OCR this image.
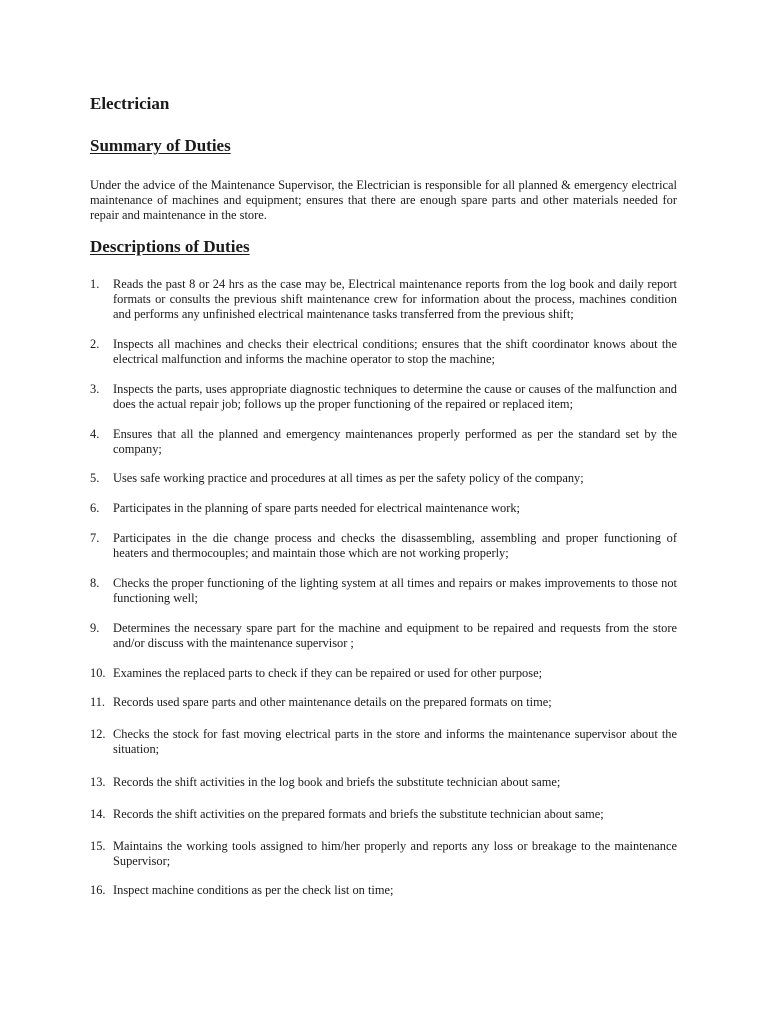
Electrician
Summary of Duties

Under the advice of the Maintenance Supervisor, the Electrician is responsible for all planned & emergency electrical maintenance of machines and equipment; ensures that there are enough spare parts and other materials needed for repair and maintenance in the store.

Descriptions of Duties
1.	Reads the past 8 or 24 hrs as the case may be, Electrical maintenance reports from the log book and daily report formats or consults the previous shift maintenance crew for information about the process, machines condition and performs any unfinished electrical maintenance tasks transferred from the previous shift;
2.	Inspects all machines and checks their electrical conditions; ensures that the shift coordinator knows about the electrical malfunction and informs the machine operator to stop the machine;
3.	Inspects the parts, uses appropriate diagnostic techniques to determine the cause or causes of the malfunction and does the actual repair job; follows up the proper functioning of the repaired or replaced item;
4.	Ensures that all the planned and emergency maintenances properly performed as per the standard set by the company;
5.	Uses safe working practice and procedures at all times as per the safety policy of the company;
6.	Participates in the planning of spare parts needed for electrical maintenance work;
7.	Participates in the die change process and checks the disassembling, assembling and proper functioning of heaters and thermocouples; and maintain those which are not working properly;
8.	Checks the proper functioning of the lighting system at all times and repairs or makes improvements to those not functioning well;
9.	Determines the necessary spare part for the machine and equipment to be repaired and requests from the store and/or discuss with the maintenance supervisor ;
10. Examines the replaced parts to check if they can be repaired or used for other purpose;
11. Records used spare parts and other maintenance details on the prepared formats on time;
12. Checks the stock for fast moving electrical parts in the store and informs the maintenance supervisor about the situation;
13. Records the shift activities in the log book and briefs the substitute technician about same;
14. Records the shift activities on the prepared formats and briefs the substitute technician about same;
15. Maintains the working tools assigned to him/her properly and reports any loss or breakage to the maintenance Supervisor;
16. Inspect machine conditions as per the check list on time;
